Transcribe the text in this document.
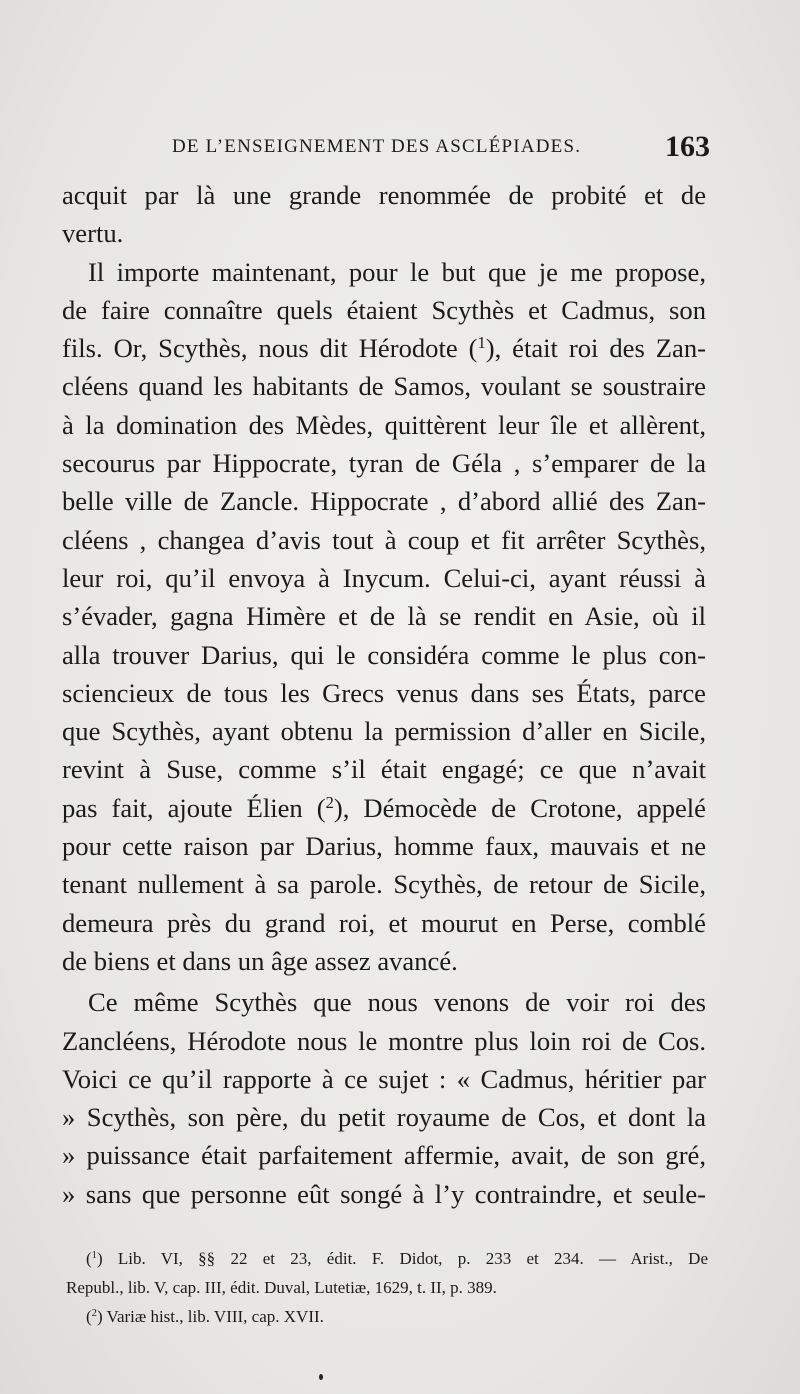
DE L’ENSEIGNEMENT DES ASCLÉPIADES.	163
acquit par là une grande renommée de probité et de
vertu.
Il importe maintenant, pour le but que je me propose,
de faire connaître quels étaient Scythès et Cadmus, son
fils. Or, Scythès, nous dit Hérodote ($^1$), était roi des Zan-
cléens quand les habitants de Samos, voulant se soustraire
à la domination des Mèdes, quittèrent leur île et allèrent,
secourus par Hippocrate, tyran de Géla , s’emparer de la
belle ville de Zancle. Hippocrate , d’abord allié des Zan-
cléens , changea d’avis tout à coup et fit arrêter Scythès,
leur roi, qu’il envoya à Inycum. Celui-ci, ayant réussi à
s’évader, gagna Himère et de là se rendit en Asie, où il
alla trouver Darius, qui le considéra comme le plus con-
sciencieux de tous les Grecs venus dans ses États, parce
que Scythès, ayant obtenu la permission d’aller en Sicile,
revint à Suse, comme s’il était engagé; ce que n’avait
pas fait, ajoute Élien ($^2$), Démocède de Crotone, appelé
pour cette raison par Darius, homme faux, mauvais et ne
tenant nullement à sa parole. Scythès, de retour de Sicile,
demeura près du grand roi, et mourut en Perse, comblé
de biens et dans un âge assez avancé.
Ce même Scythès que nous venons de voir roi des
Zancléens, Hérodote nous le montre plus loin roi de Cos.
Voici ce qu’il rapporte à ce sujet : « Cadmus, héritier par
» Scythès, son père, du petit royaume de Cos, et dont la
» puissance était parfaitement affermie, avait, de son gré,
» sans que personne eût songé à l’y contraindre, et seule-
($^1$) Lib. VI, §§ 22 et 23, édit. F. Didot, p. 233 et 234. — Arist., De
Republ., lib. V, cap. III, édit. Duval, Lutetiæ, 1629, t. II, p. 389.
($^2$) Variæ hist., lib. VIII, cap. XVII.
